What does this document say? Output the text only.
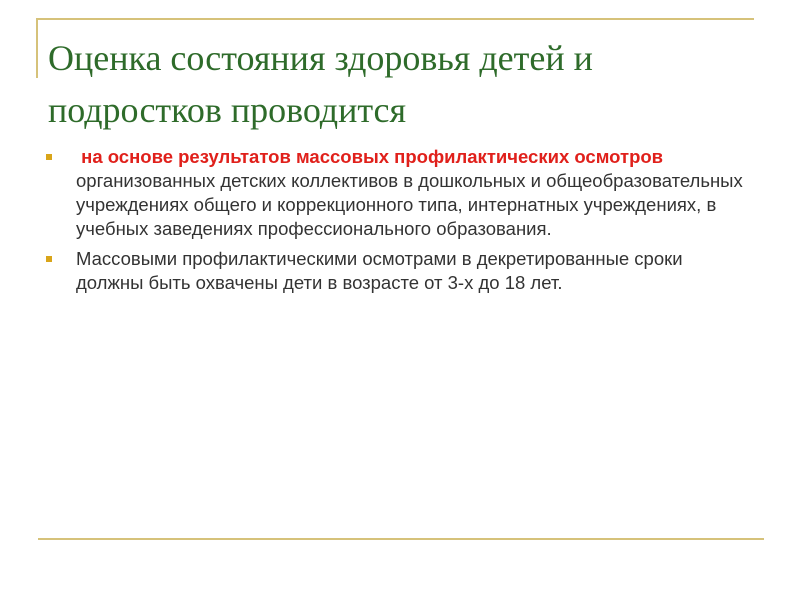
Оценка состояния здоровья детей и
подростков проводится
на основе результатов массовых профилактических осмотров организованных детских коллективов в дошкольных и общеобразовательных учреждениях общего и коррекционного типа, интернатных учреждениях, в учебных заведениях профессионального образования.
Массовыми профилактическими осмотрами в декретированные сроки должны быть охвачены дети в возрасте от 3-х до 18 лет.
